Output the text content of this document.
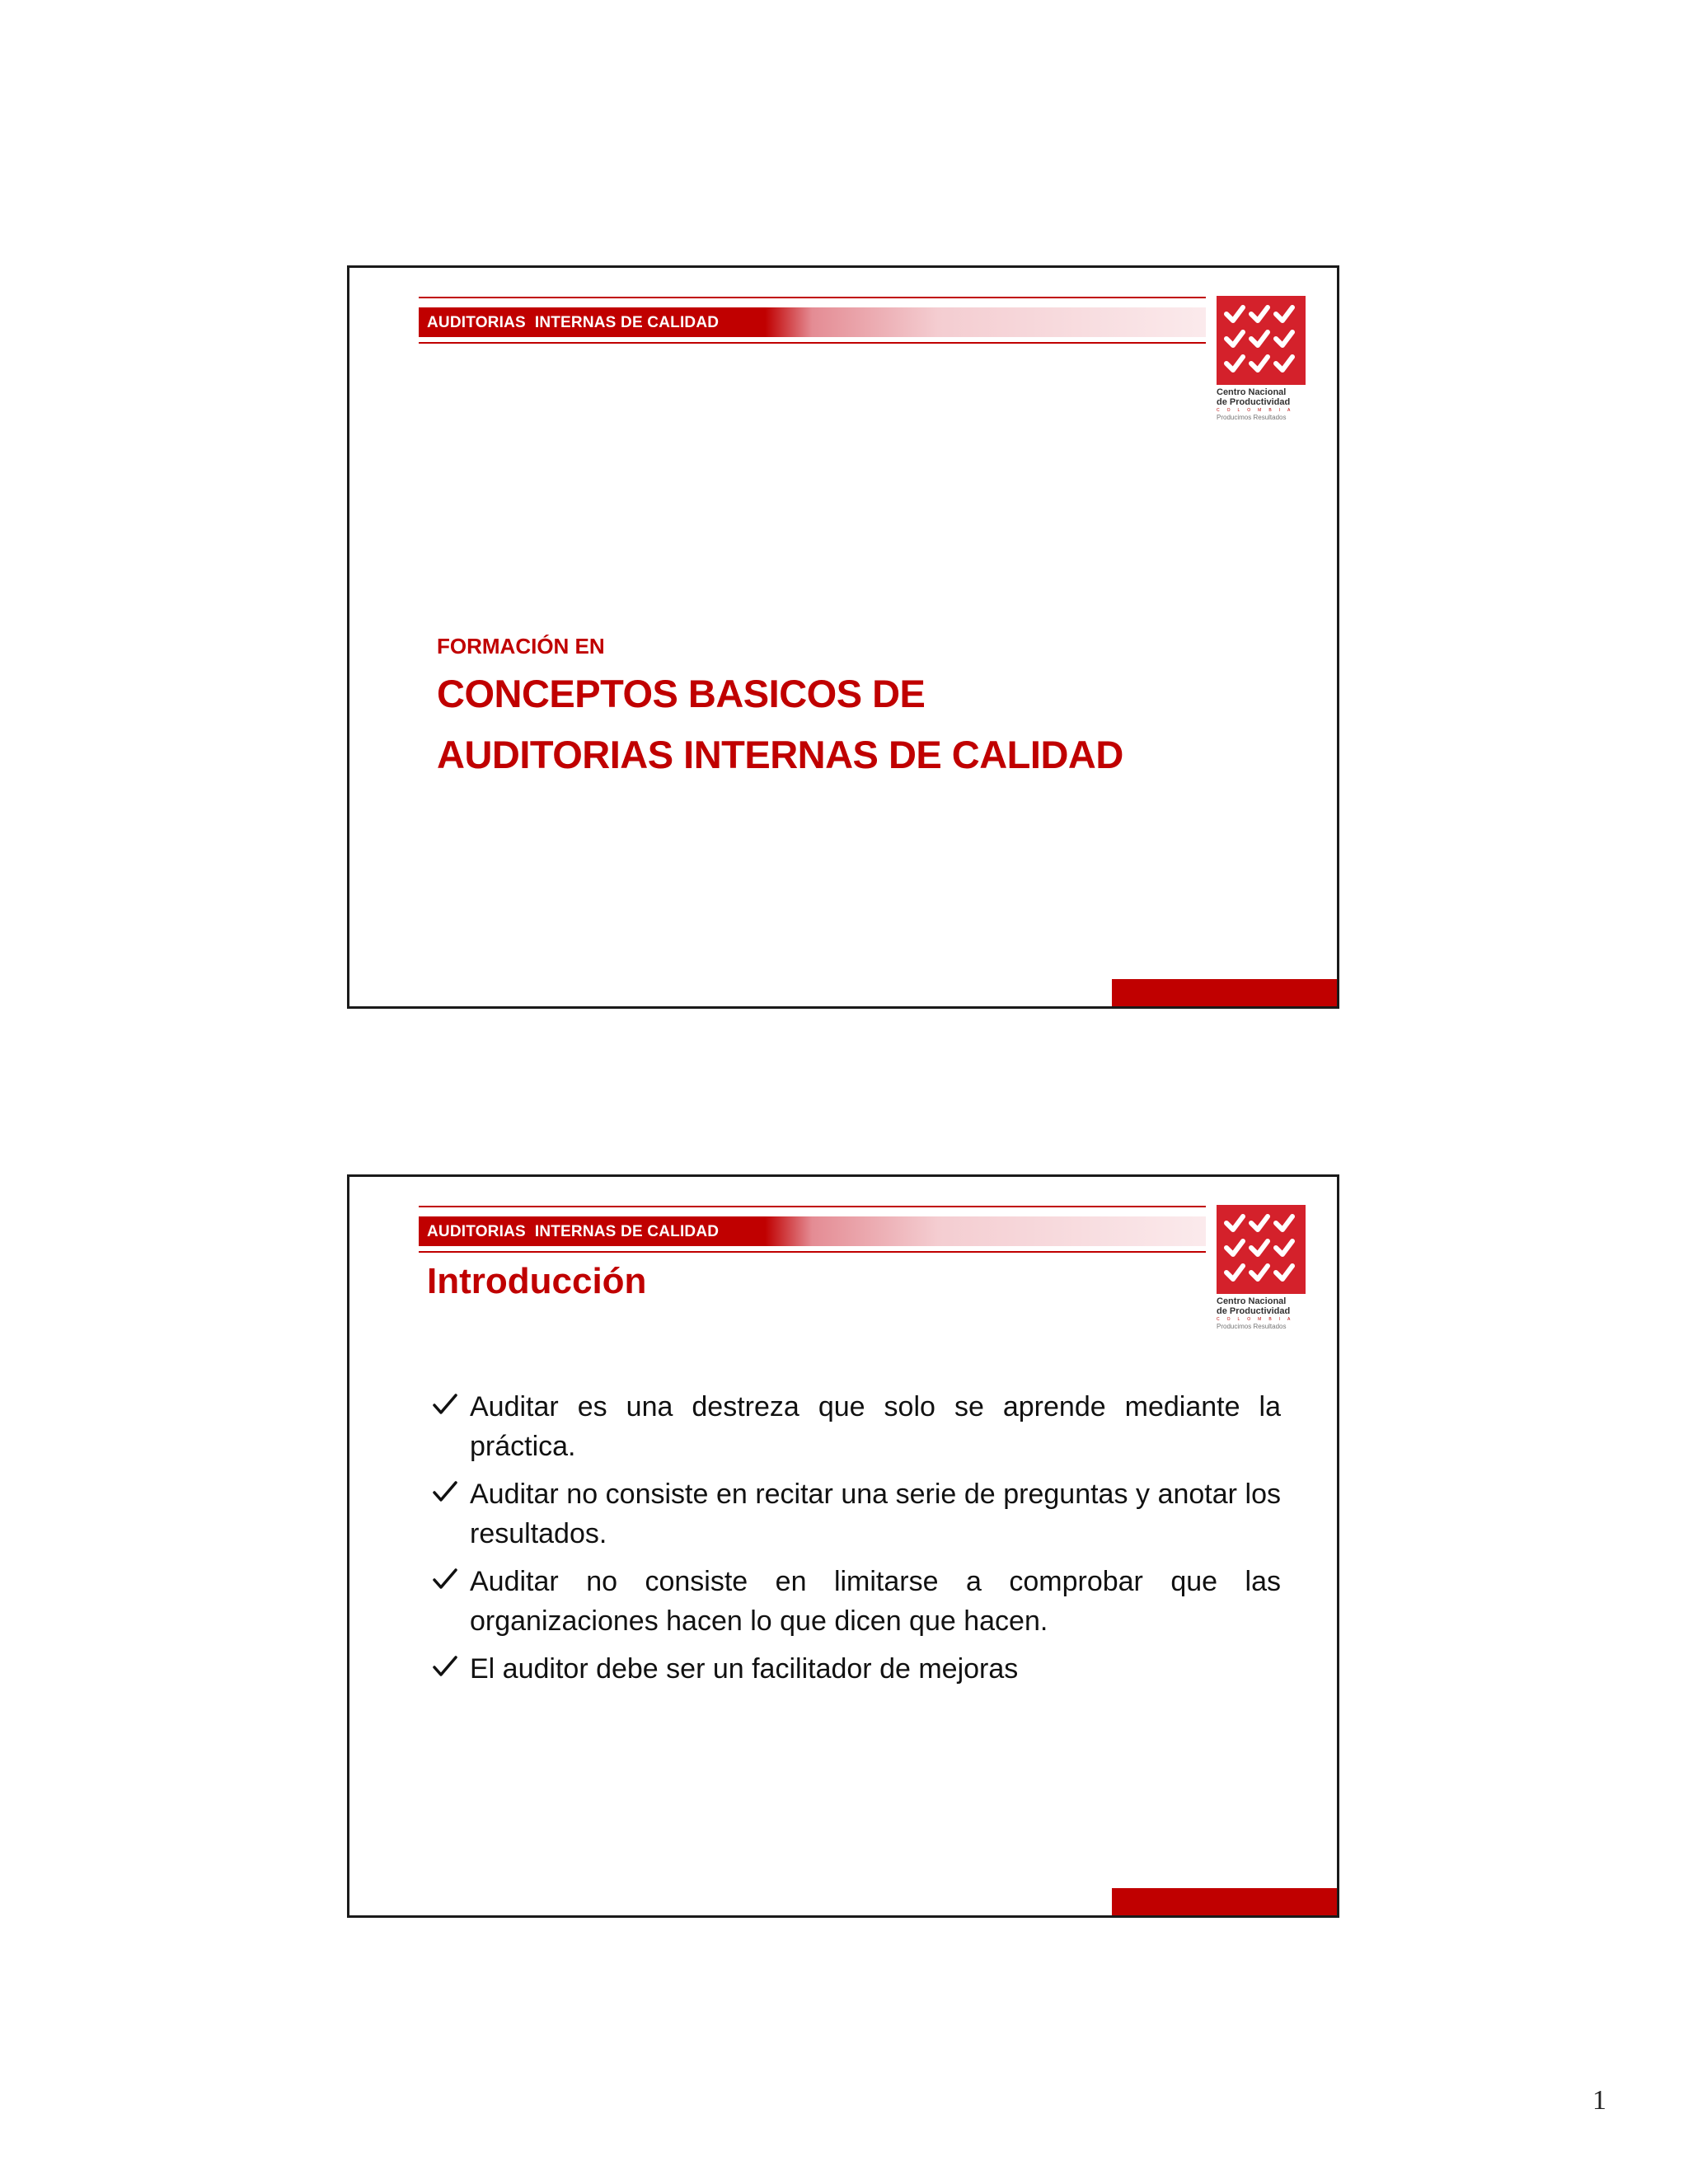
AUDITORIAS  INTERNAS DE CALIDAD
Centro Nacional
de Productividad
COLOMBIA
Producimos Resultados
FORMACIÓN EN
CONCEPTOS BASICOS DE
AUDITORIAS INTERNAS DE CALIDAD
AUDITORIAS  INTERNAS DE CALIDAD
Centro Nacional
de Productividad
COLOMBIA
Producimos Resultados
Introducción
Auditar es una destreza que solo se aprende mediante la práctica.
Auditar no consiste en recitar una serie de preguntas y anotar los resultados.
Auditar no consiste en limitarse a comprobar que las organizaciones hacen lo que dicen que hacen.
El auditor debe ser un facilitador de mejoras
1
